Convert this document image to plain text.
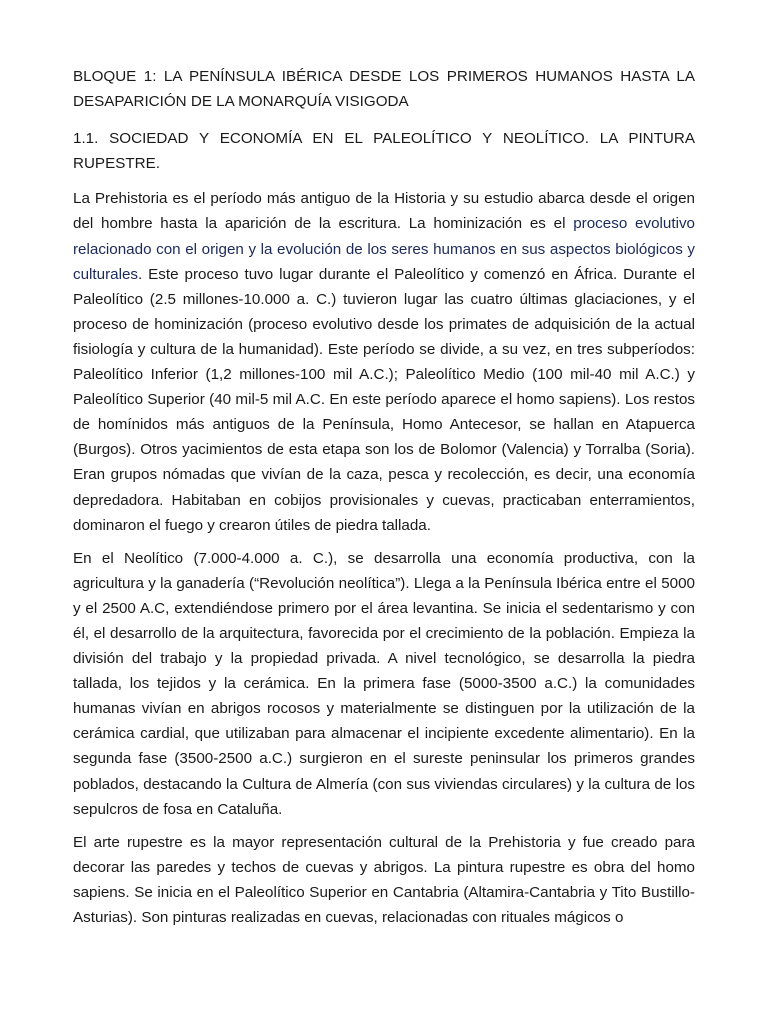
BLOQUE 1: LA PENÍNSULA IBÉRICA DESDE LOS PRIMEROS HUMANOS HASTA LA DESAPARICIÓN DE LA MONARQUÍA VISIGODA

1.1. SOCIEDAD Y ECONOMÍA EN EL PALEOLÍTICO Y NEOLÍTICO. LA PINTURA RUPESTRE.

La Prehistoria es el período más antiguo de la Historia y su estudio abarca desde el origen del hombre hasta la aparición de la escritura. La hominización es el proceso evolutivo relacionado con el origen y la evolución de los seres humanos en sus aspectos biológicos y culturales. Este proceso tuvo lugar durante el Paleolítico y comenzó en África. Durante el Paleolítico (2.5 millones-10.000 a. C.) tuvieron lugar las cuatro últimas glaciaciones, y el proceso de hominización (proceso evolutivo desde los primates de adquisición de la actual fisiología y cultura de la humanidad). Este período se divide, a su vez, en tres subperíodos: Paleolítico Inferior (1,2 millones-100 mil A.C.); Paleolítico Medio (100 mil-40 mil A.C.) y Paleolítico Superior (40 mil-5 mil A.C. En este período aparece el homo sapiens). Los restos de homínidos más antiguos de la Península, Homo Antecesor, se hallan en Atapuerca (Burgos). Otros yacimientos de esta etapa son los de Bolomor (Valencia) y Torralba (Soria). Eran grupos nómadas que vivían de la caza, pesca y recolección, es decir, una economía depredadora. Habitaban en cobijos provisionales y cuevas, practicaban enterramientos, dominaron el fuego y crearon útiles de piedra tallada.

En el Neolítico (7.000-4.000 a. C.), se desarrolla una economía productiva, con la agricultura y la ganadería (“Revolución neolítica”). Llega a la Península Ibérica entre el 5000 y el 2500 A.C, extendiéndose primero por el área levantina. Se inicia el sedentarismo y con él, el desarrollo de la arquitectura, favorecida por el crecimiento de la población. Empieza la división del trabajo y la propiedad privada. A nivel tecnológico, se desarrolla la piedra tallada, los tejidos y la cerámica. En la primera fase (5000-3500 a.C.) la comunidades humanas vivían en abrigos rocosos y materialmente se distinguen por la utilización de la cerámica cardial, que utilizaban para almacenar el incipiente excedente alimentario). En la segunda fase (3500-2500 a.C.) surgieron en el sureste peninsular los primeros grandes poblados, destacando la Cultura de Almería (con sus viviendas circulares) y la cultura de los sepulcros de fosa en Cataluña.

El arte rupestre es la mayor representación cultural de la Prehistoria y fue creado para decorar las paredes y techos de cuevas y abrigos. La pintura rupestre es obra del homo sapiens. Se inicia en el Paleolítico Superior en Cantabria (Altamira-Cantabria y Tito Bustillo-Asturias). Son pinturas realizadas en cuevas, relacionadas con rituales mágicos o
